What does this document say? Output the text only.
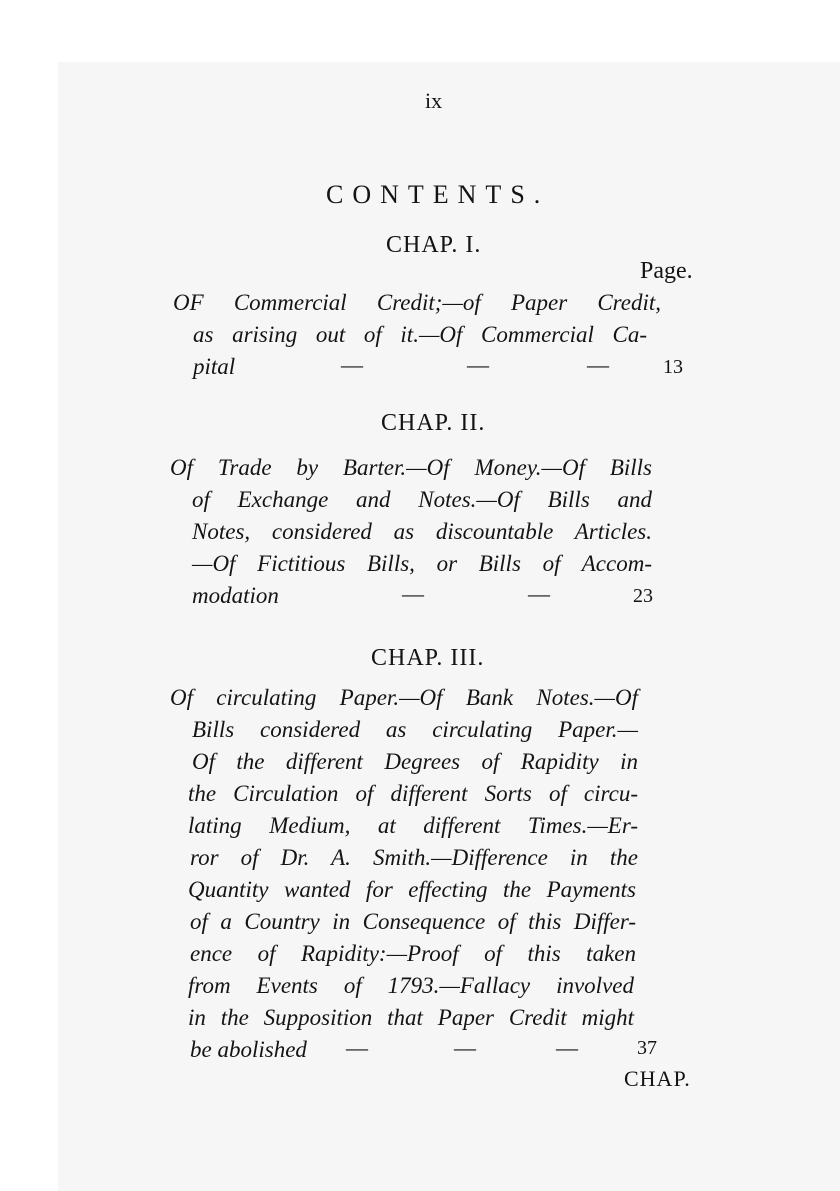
ix
CONTENTS.
CHAP. I.
Page.
OF Commercial Credit;—of Paper Credit,
as arising out of it.—Of Commercial Ca-
pital	—	—	—	13
CHAP. II.
Of Trade by Barter.—Of Money.—Of Bills
of Exchange and Notes.—Of Bills and
Notes, considered as discountable Articles.
—Of Fictitious Bills, or Bills of Accom-
modation	—	—	23
CHAP. III.
Of circulating Paper.—Of Bank Notes.—Of
Bills considered as circulating Paper.—
Of the different Degrees of Rapidity in
the Circulation of different Sorts of circu-
lating Medium, at different Times.—Er-
ror of Dr. A. Smith.—Difference in the
Quantity wanted for effecting the Payments
of a Country in Consequence of this Differ-
ence of Rapidity:—Proof of this taken
from Events of 1793.—Fallacy involved
in the Supposition that Paper Credit might
be abolished —	—	—	37
CHAP.
